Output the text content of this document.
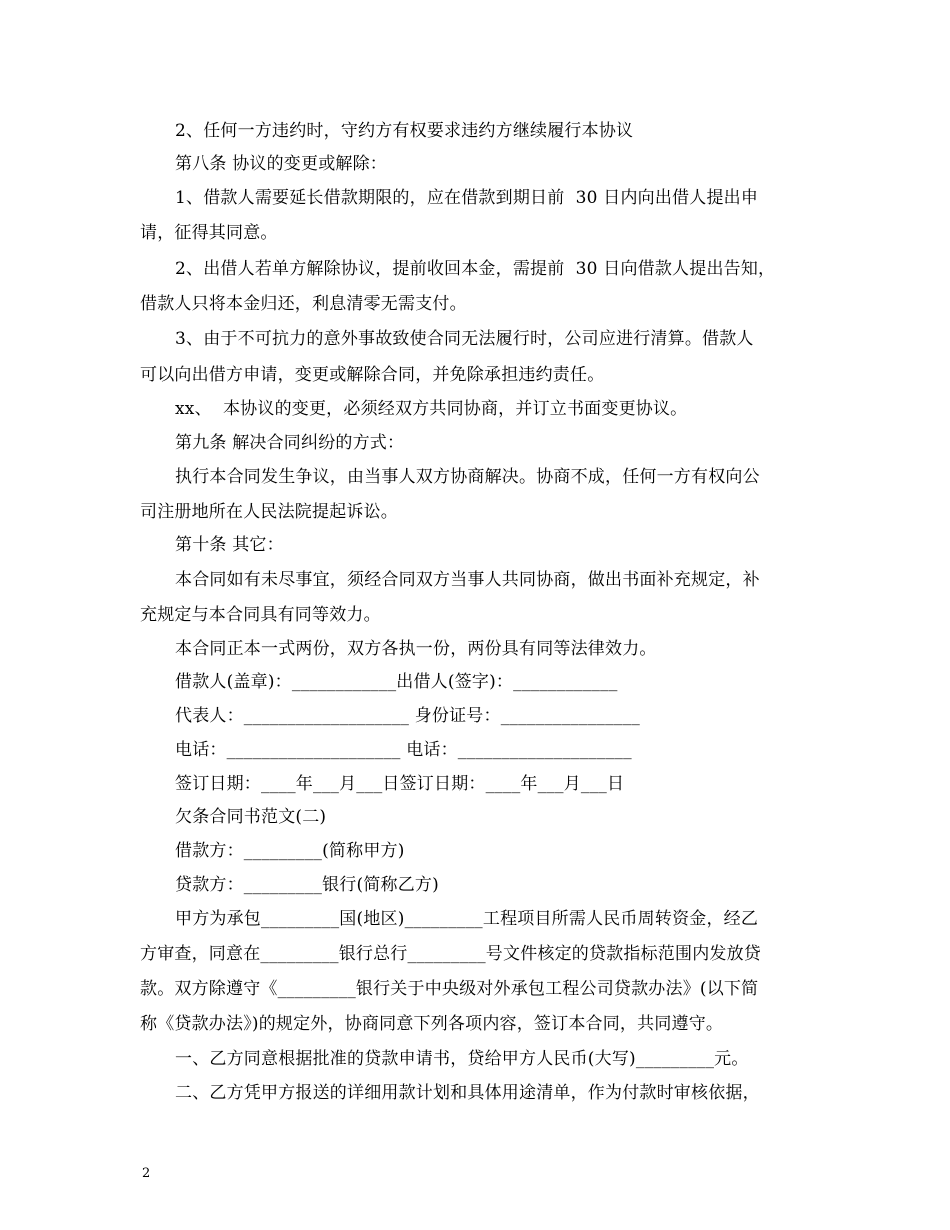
2、任何一方违约时，守约方有权要求违约方继续履行本协议
第八条 协议的变更或解除：
1、借款人需要延长借款期限的，应在借款到期日前  30 日内向出借人提出申
请，征得其同意。
2、出借人若单方解除协议，提前收回本金，需提前  30 日向借款人提出告知，
借款人只将本金归还，利息清零无需支付。
3、由于不可抗力的意外事故致使合同无法履行时，公司应进行清算。借款人
可以向出借方申请，变更或解除合同，并免除承担违约责任。
xx、  本协议的变更，必须经双方共同协商，并订立书面变更协议。
第九条 解决合同纠纷的方式：
执行本合同发生争议，由当事人双方协商解决。协商不成，任何一方有权向公
司注册地所在人民法院提起诉讼。
第十条 其它：
本合同如有未尽事宜，须经合同双方当事人共同协商，做出书面补充规定，补
充规定与本合同具有同等效力。
本合同正本一式两份，双方各执一份，两份具有同等法律效力。
借款人(盖章)：____________出借人(签字)：____________
代表人：___________________ 身份证号：________________
电话：____________________ 电话：____________________
签订日期：____年___月___日签订日期：____年___月___日
欠条合同书范文(二)
借款方：_________(简称甲方)
贷款方：_________银行(简称乙方)
甲方为承包_________国(地区)_________工程项目所需人民币周转资金，经乙
方审查，同意在_________银行总行_________号文件核定的贷款指标范围内发放贷
款。双方除遵守《_________银行关于中央级对外承包工程公司贷款办法》(以下简
称《贷款办法》)的规定外，协商同意下列各项内容，签订本合同，共同遵守。
一、乙方同意根据批准的贷款申请书，贷给甲方人民币(大写)_________元。
二、乙方凭甲方报送的详细用款计划和具体用途清单，作为付款时审核依据，
2
